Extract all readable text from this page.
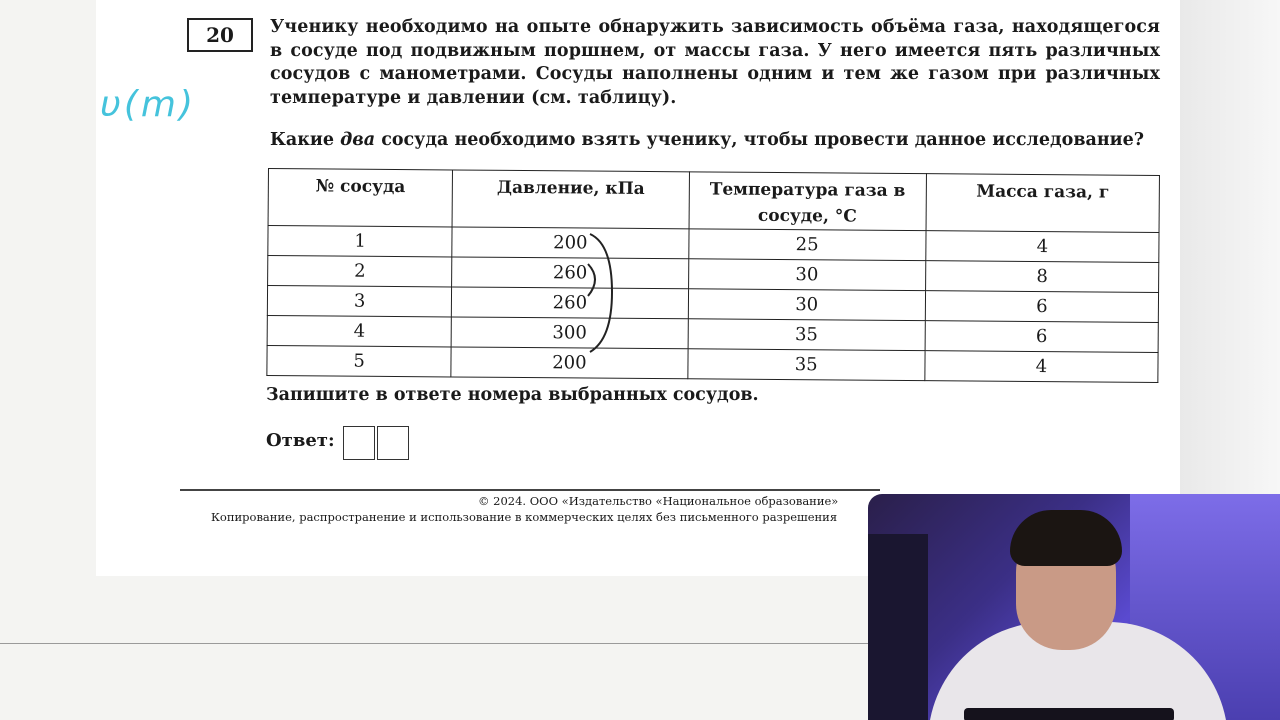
20	Ученику необходимо на опыте обнаружить зависимость объёма газа, находящегося в сосуде под подвижным поршнем, от массы газа. У него имеется пять различных сосудов с манометрами. Сосуды наполнены одним и тем же газом при различных температуре и давлении (см. таблицу).
Какие два сосуда необходимо взять ученику, чтобы провести данное исследование?
υ(m)
№ сосуда	Давление, кПа	Температура газа в сосуде, °С	Масса газа, г
1	200	25	4
2	260	30	8
3	260	30	6
4	300	35	6
5	200	35	4
Запишите в ответе номера выбранных сосудов.
Ответ:
© 2024. ООО «Издательство «Национальное образование»
Копирование, распространение и использование в коммерческих целях без письменного разрешения
